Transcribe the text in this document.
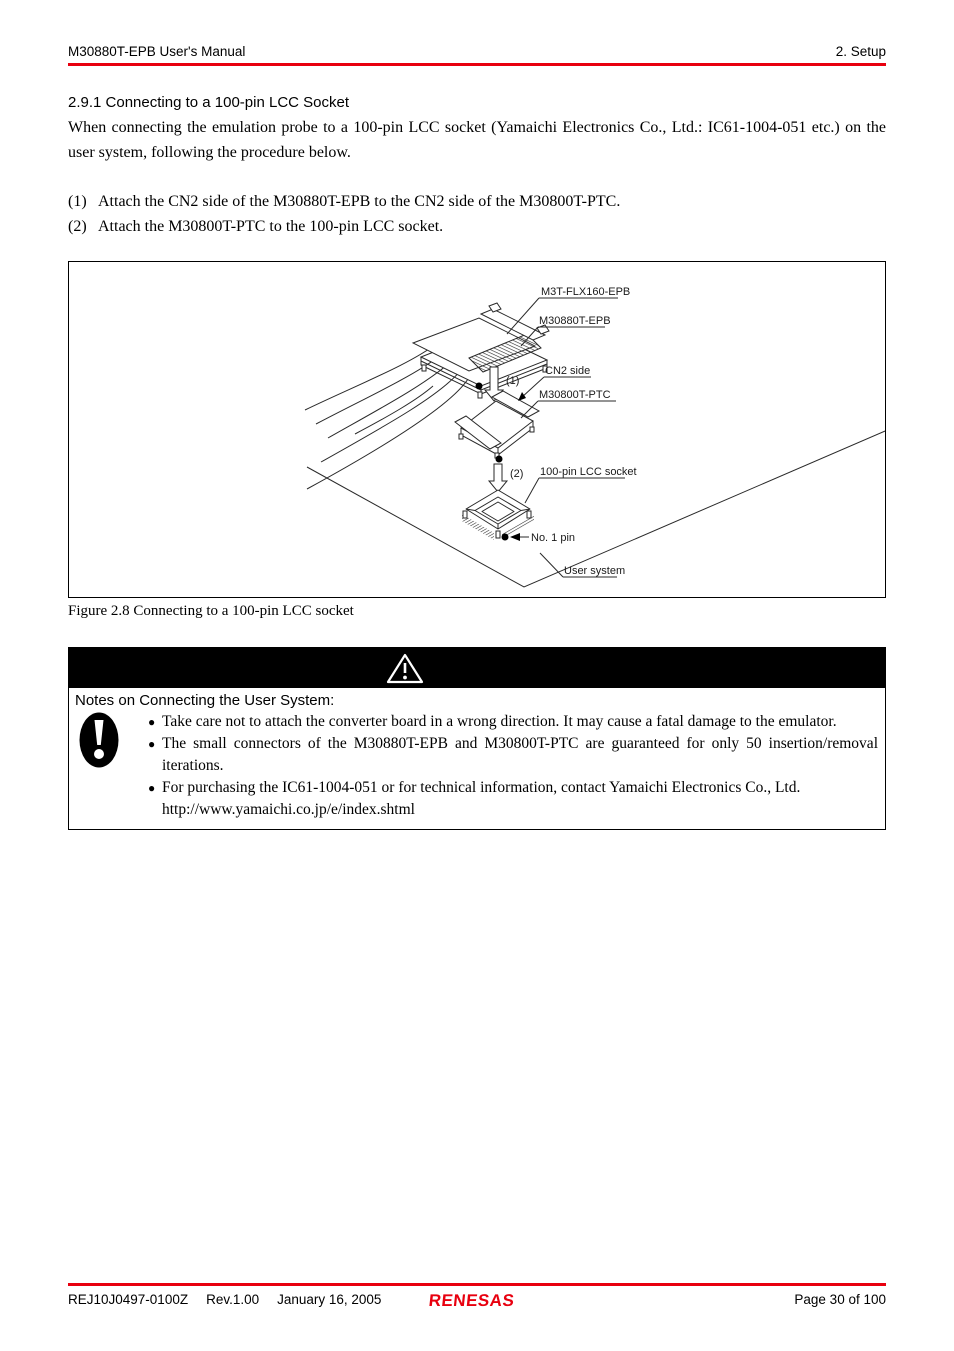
M30880T-EPB User's Manual	2. Setup
2.9.1 Connecting to a 100-pin LCC Socket
When connecting the emulation probe to a 100-pin LCC socket (Yamaichi Electronics Co., Ltd.: IC61-1004-051 etc.) on the user system, following the procedure below.
(1) Attach the CN2 side of the M30880T-EPB to the CN2 side of the M30800T-PTC.
(2) Attach the M30800T-PTC to the 100-pin LCC socket.
(1)
(2)
No. 1 pin
M3T-FLX160-EPB
M30880T-EPB
CN2 side
M30800T-PTC
100-pin LCC socket
User system
Figure 2.8 Connecting to a 100-pin LCC socket
Notes on Connecting the User System:
● Take care not to attach the converter board in a wrong direction. It may cause a fatal damage to the emulator.
● The small connectors of the M30880T-EPB and M30800T-PTC are guaranteed for only 50 insertion/removal iterations.
● For purchasing the IC61-1004-051 or for technical information, contact Yamaichi Electronics Co., Ltd.
http://www.yamaichi.co.jp/e/index.shtml
REJ10J0497-0100Z Rev.1.00 January 16, 2005	RENESAS	Page 30 of 100
